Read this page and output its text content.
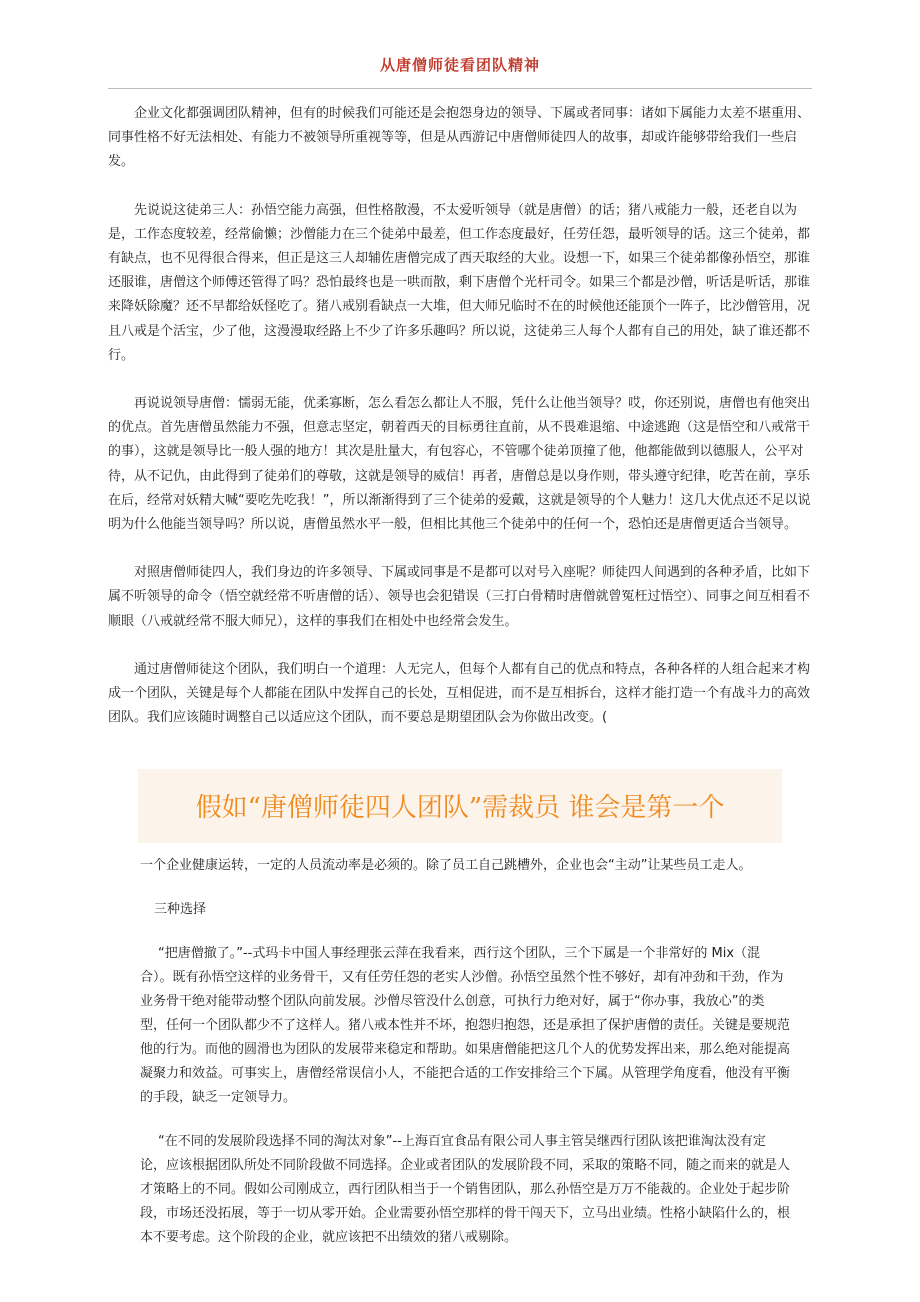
从唐僧师徒看团队精神

企业文化都强调团队精神，但有的时候我们可能还是会抱怨身边的领导、下属或者同事：诸如下属能力太差不堪重用、同事性格不好无法相处、有能力不被领导所重视等等，但是从西游记中唐僧师徒四人的故事，却或许能够带给我们一些启发。

先说说这徒弟三人：孙悟空能力高强，但性格散漫，不太爱听领导（就是唐僧）的话；猪八戒能力一般，还老自以为是，工作态度较差，经常偷懒；沙僧能力在三个徒弟中最差，但工作态度最好，任劳任怨，最听领导的话。这三个徒弟，都有缺点，也不见得很合得来，但正是这三人却辅佐唐僧完成了西天取经的大业。设想一下，如果三个徒弟都像孙悟空，那谁还服谁，唐僧这个师傅还管得了吗？恐怕最终也是一哄而散，剩下唐僧个光杆司令。如果三个都是沙僧，听话是听话，那谁来降妖除魔？还不早都给妖怪吃了。猪八戒别看缺点一大堆，但大师兄临时不在的时候他还能顶个一阵子，比沙僧管用，况且八戒是个活宝，少了他，这漫漫取经路上不少了许多乐趣吗？所以说，这徒弟三人每个人都有自己的用处，缺了谁还都不行。

再说说领导唐僧：懦弱无能，优柔寡断，怎么看怎么都让人不服，凭什么让他当领导？哎，你还别说，唐僧也有他突出的优点。首先唐僧虽然能力不强，但意志坚定，朝着西天的目标勇往直前，从不畏难退缩、中途逃跑（这是悟空和八戒常干的事），这就是领导比一般人强的地方！其次是肚量大，有包容心，不管哪个徒弟顶撞了他，他都能做到以德服人，公平对待，从不记仇，由此得到了徒弟们的尊敬，这就是领导的威信！再者，唐僧总是以身作则，带头遵守纪律，吃苦在前，享乐在后，经常对妖精大喊“要吃先吃我！”，所以渐渐得到了三个徒弟的爱戴，这就是领导的个人魅力！这几大优点还不足以说明为什么他能当领导吗？所以说，唐僧虽然水平一般，但相比其他三个徒弟中的任何一个，恐怕还是唐僧更适合当领导。

对照唐僧师徒四人，我们身边的许多领导、下属或同事是不是都可以对号入座呢？师徒四人间遇到的各种矛盾，比如下属不听领导的命令（悟空就经常不听唐僧的话）、领导也会犯错误（三打白骨精时唐僧就曾冤枉过悟空）、同事之间互相看不顺眼（八戒就经常不服大师兄），这样的事我们在相处中也经常会发生。

通过唐僧师徒这个团队，我们明白一个道理：人无完人，但每个人都有自己的优点和特点，各种各样的人组合起来才构成一个团队，关键是每个人都能在团队中发挥自己的长处，互相促进，而不是互相拆台，这样才能打造一个有战斗力的高效团队。我们应该随时调整自己以适应这个团队，而不要总是期望团队会为你做出改变。(

假如“唐僧师徒四人团队”需裁员 谁会是第一个

一个企业健康运转，一定的人员流动率是必须的。除了员工自己跳槽外，企业也会“主动”让某些员工走人。

三种选择

“把唐僧撤了。”--式玛卡中国人事经理张云萍在我看来，西行这个团队，三个下属是一个非常好的 Mix（混合）。既有孙悟空这样的业务骨干，又有任劳任怨的老实人沙僧。孙悟空虽然个性不够好，却有冲劲和干劲，作为业务骨干绝对能带动整个团队向前发展。沙僧尽管没什么创意，可执行力绝对好，属于“你办事，我放心”的类型，任何一个团队都少不了这样人。猪八戒本性并不坏，抱怨归抱怨，还是承担了保护唐僧的责任。关键是要规范他的行为。而他的圆滑也为团队的发展带来稳定和帮助。如果唐僧能把这几个人的优势发挥出来，那么绝对能提高凝聚力和效益。可事实上，唐僧经常误信小人，不能把合适的工作安排给三个下属。从管理学角度看，他没有平衡的手段，缺乏一定领导力。

“在不同的发展阶段选择不同的淘汰对象”--上海百宜食品有限公司人事主管吴继西行团队该把谁淘汰没有定论，应该根据团队所处不同阶段做不同选择。企业或者团队的发展阶段不同，采取的策略不同，随之而来的就是人才策略上的不同。假如公司刚成立，西行团队相当于一个销售团队，那么孙悟空是万万不能裁的。企业处于起步阶段，市场还没拓展，等于一切从零开始。企业需要孙悟空那样的骨干闯天下，立马出业绩。性格小缺陷什么的，根本不要考虑。这个阶段的企业，就应该把不出绩效的猪八戒剔除。
